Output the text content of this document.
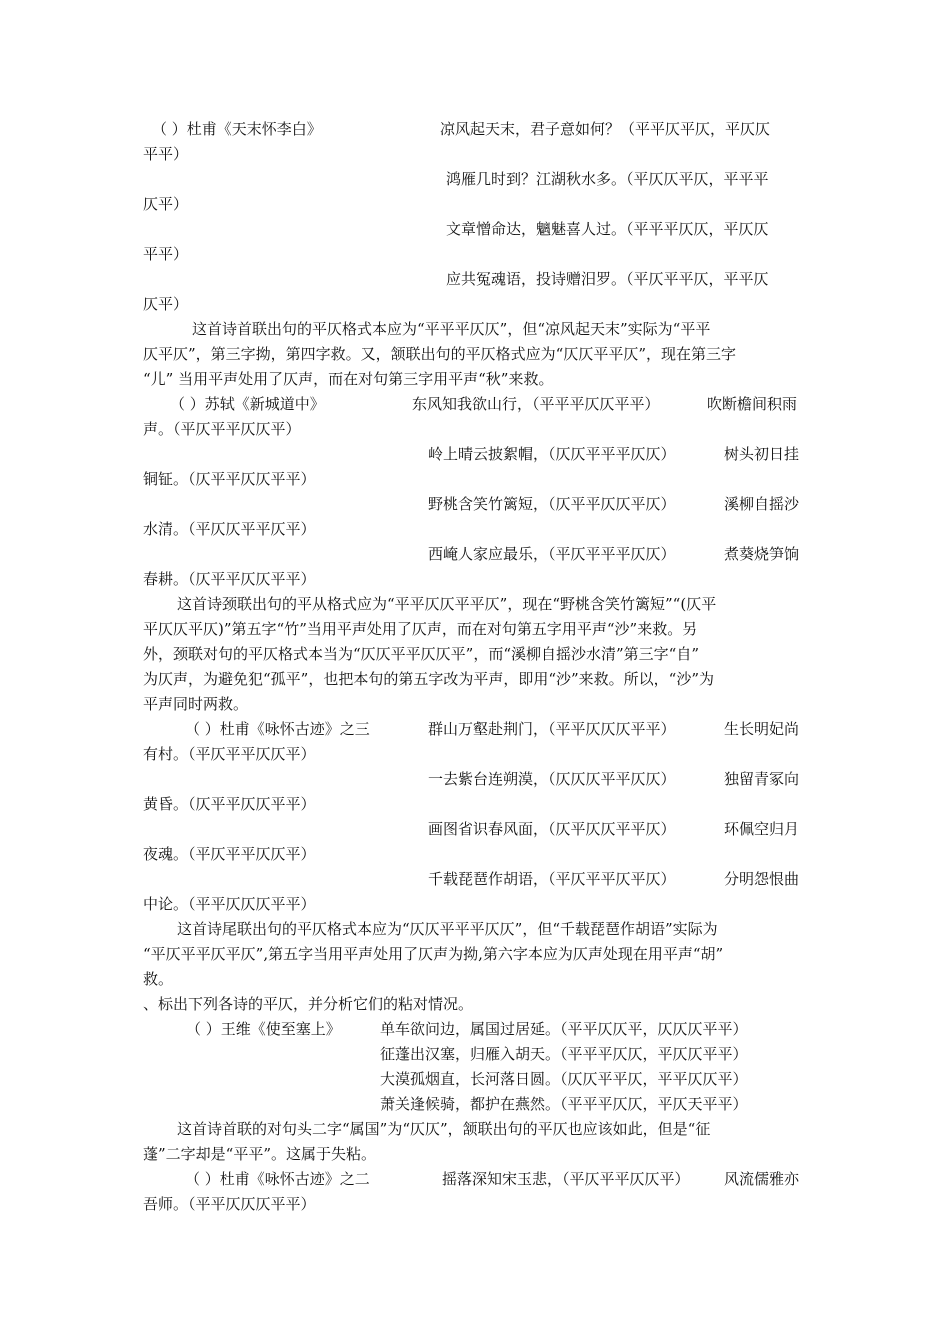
（ ）杜甫《天末怀李白》	凉风起天末，君子意如何？（平平仄平仄，平仄仄
平平）
鸿雁几时到？江湖秋水多。（平仄仄平仄，平平平
仄平）
文章憎命达，魑魅喜人过。（平平平仄仄，平仄仄
平平）
应共冤魂语，投诗赠汨罗。（平仄平平仄，平平仄
仄平）
这首诗首联出句的平仄格式本应为“平平平仄仄”，但“凉风起天末”实际为“平平
仄平仄”，第三字拗，第四字救。又，颔联出句的平仄格式应为“仄仄平平仄”，现在第三字
“儿” 当用平声处用了仄声，而在对句第三字用平声“秋”来救。
（ ）苏轼《新城道中》	东风知我欲山行，（平平平仄仄平平）	吹断檐间积雨
声。（平仄平平仄仄平）
岭上晴云披絮帽，（仄仄平平平仄仄）	树头初日挂
铜钲。（仄平平仄仄平平）
野桃含笑竹篱短，（仄平平仄仄平仄）	溪柳自摇沙
水清。（平仄仄平平仄平）
西崦人家应最乐，（平仄平平平仄仄）	煮葵烧笋饷
春耕。（仄平平仄仄平平）
这首诗颈联出句的平从格式应为“平平仄仄平平仄”，现在“野桃含笑竹篱短”“(仄平
平仄仄平仄)”第五字“竹”当用平声处用了仄声，而在对句第五字用平声“沙”来救。另
外，颈联对句的平仄格式本当为“仄仄平平仄仄平”，而“溪柳自摇沙水清”第三字“自”
为仄声，为避免犯“孤平”，也把本句的第五字改为平声，即用“沙”来救。所以，“沙”为
平声同时两救。
（ ）杜甫《咏怀古迹》之三	群山万壑赴荆门，（平平仄仄仄平平）	生长明妃尚
有村。（平仄平平仄仄平）
一去紫台连朔漠，（仄仄仄平平仄仄）	独留青冢向
黄昏。（仄平平仄仄平平）
画图省识春风面，（仄平仄仄平平仄）	环佩空归月
夜魂。（平仄平平仄仄平）
千载琵琶作胡语，（平仄平平仄平仄）	分明怨恨曲
中论。（平平仄仄仄平平）
这首诗尾联出句的平仄格式本应为“仄仄平平平仄仄”，但“千载琵琶作胡语”实际为
“平仄平平仄平仄”,第五字当用平声处用了仄声为拗,第六字本应为仄声处现在用平声“胡”
救。
、标出下列各诗的平仄，并分析它们的粘对情况。
（ ）王维《使至塞上》	单车欲问边，属国过居延。（平平仄仄平，仄仄仄平平）
征蓬出汉塞，归雁入胡天。（平平平仄仄，平仄仄平平）
大漠孤烟直，长河落日圆。（仄仄平平仄，平平仄仄平）
萧关逢候骑，都护在燕然。（平平平仄仄，平仄天平平）
这首诗首联的对句头二字“属国”为“仄仄”，颔联出句的平仄也应该如此，但是“征
蓬”二字却是“平平”。这属于失粘。
（ ）杜甫《咏怀古迹》之二	摇落深知宋玉悲，（平仄平平仄仄平） 风流儒雅亦
吾师。（平平仄仄仄平平）
